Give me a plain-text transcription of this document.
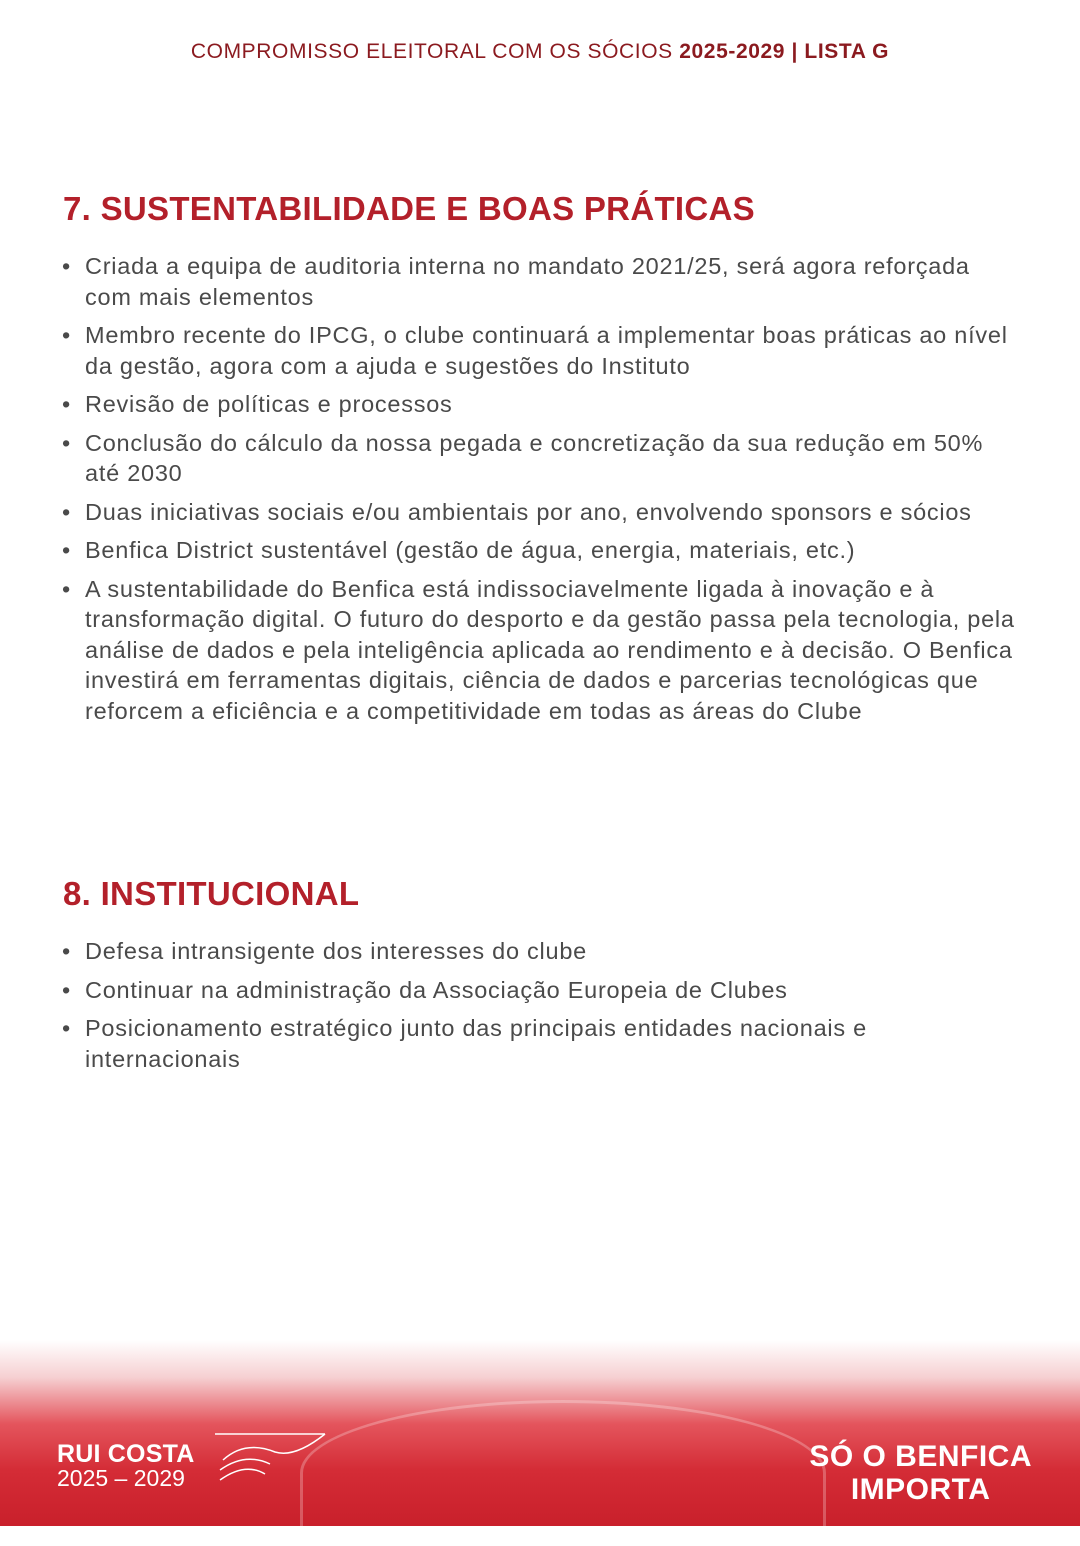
COMPROMISSO ELEITORAL COM OS SÓCIOS 2025-2029 | LISTA G
7. SUSTENTABILIDADE E BOAS PRÁTICAS
• Criada a equipa de auditoria interna no mandato 2021/25, será agora reforçada com mais elementos
• Membro recente do IPCG, o clube continuará a implementar boas práticas ao nível da gestão, agora com a ajuda e sugestões do Instituto
• Revisão de políticas e processos
• Conclusão do cálculo da nossa pegada e concretização da sua redução em 50% até 2030
• Duas iniciativas sociais e/ou ambientais por ano, envolvendo sponsors e sócios
• Benfica District sustentável (gestão de água, energia, materiais, etc.)
• A sustentabilidade do Benfica está indissociavelmente ligada à inovação e à transformação digital. O futuro do desporto e da gestão passa pela tecnologia, pela análise de dados e pela inteligência aplicada ao rendimento e à decisão. O Benfica investirá em ferramentas digitais, ciência de dados e parcerias tecnológicas que reforcem a eficiência e a competitividade em todas as áreas do Clube
8. INSTITUCIONAL
• Defesa intransigente dos interesses do clube
• Continuar na administração da Associação Europeia de Clubes
• Posicionamento estratégico junto das principais entidades nacionais e internacionais
RUI COSTA
2025 – 2029
SÓ O BENFICA
IMPORTA
